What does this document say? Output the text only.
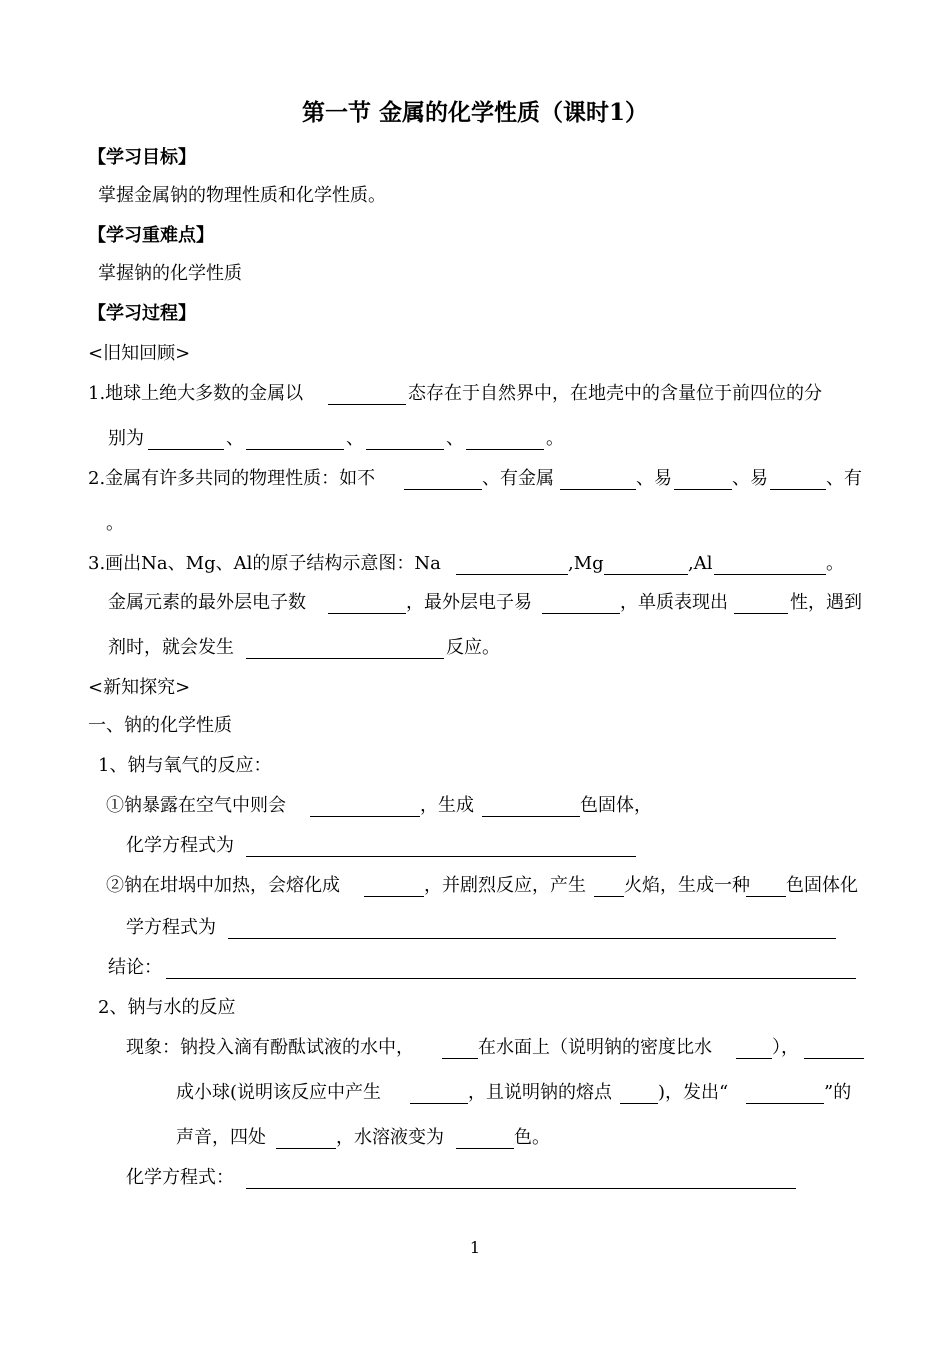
第一节 金属的化学性质（课时1）
【学习目标】
掌握金属钠的物理性质和化学性质。
【学习重难点】
掌握钠的化学性质
【学习过程】
<旧知回顾>
1.地球上绝大多数的金属以	态存在于自然界中，在地壳中的含量位于前四位的分
别为	、	、	、	。
2.金属有许多共同的物理性质：如不	、有金属	、易	、易	、有
。
3.画出Na、Mg、Al的原子结构示意图：Na	,Mg	,Al	。
金属元素的最外层电子数	，最外层电子易	，单质表现出	性，遇到
剂时，就会发生	反应。
<新知探究>
一、钠的化学性质
1、钠与氧气的反应：
①钠暴露在空气中则会	，生成	色固体，
化学方程式为
②钠在坩埚中加热，会熔化成	，并剧烈反应，产生 火焰，生成一种 色固体化
学方程式为
结论：
2、钠与水的反应
现象：钠投入滴有酚酞试液的水中，	在水面上（说明钠的密度比水	），
成小球(说明该反应中产生	，且说明钠的熔点	)，发出“	”的
声音，四处	，水溶液变为	色。
化学方程式：
1
